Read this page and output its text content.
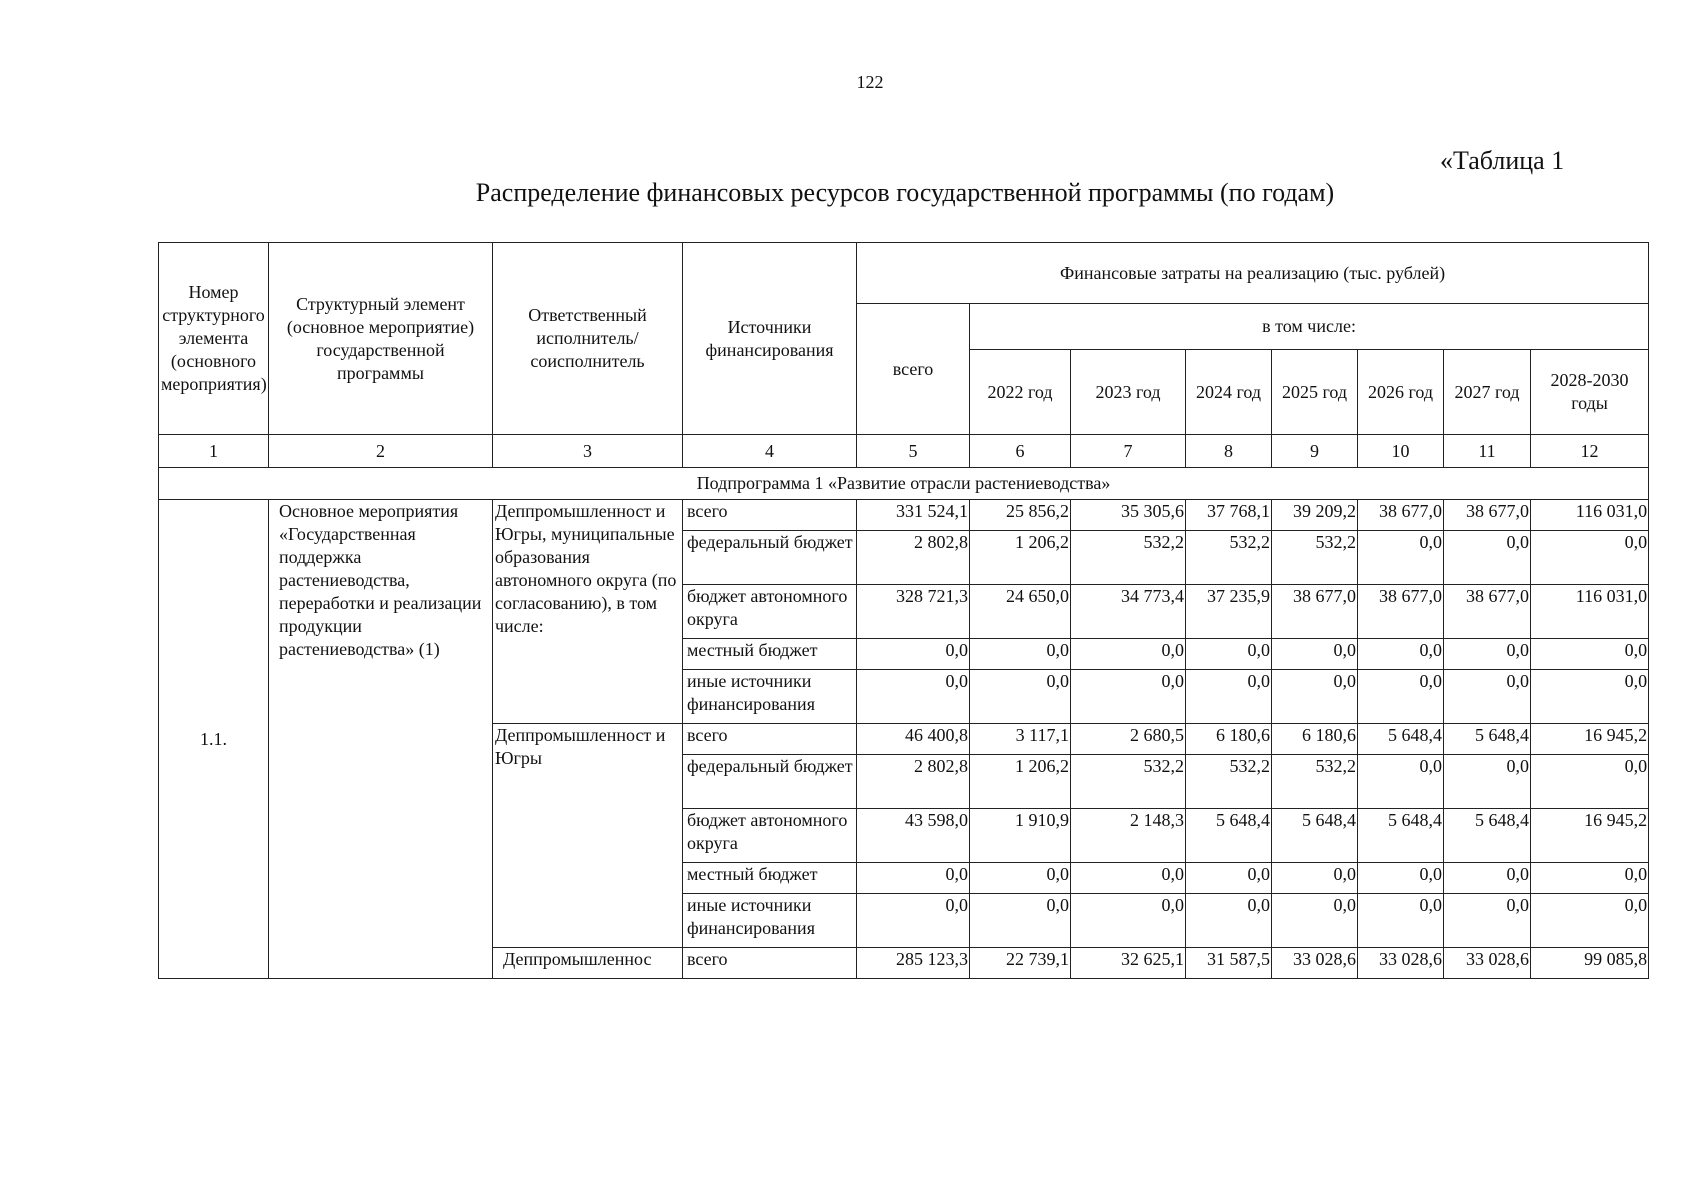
122
«Таблица 1
Распределение финансовых ресурсов государственной программы (по годам)
Номер структурного элемента (основного мероприятия)	Структурный элемент (основное мероприятие) государственной программы	Ответственный исполнитель/ соисполнитель	Источники финансирования	Финансовые затраты на реализацию (тыс. рублей)							
				всего	в том числе:						
					2022 год	2023 год	2024 год	2025 год	2026 год	2027 год	2028-2030 годы
1	2	3	4	5	6	7	8	9	10	11	12
Подпрограмма 1 «Развитие отрасли растениеводства»											
1.1.	Основное мероприятия «Государственная поддержка растениеводства, переработки и реализации продукции растениеводства» (1)	Деппромышленност и Югры, муниципальные образования автономного округа (по согласованию), в том числе:	всего	331 524,1	25 856,2	35 305,6	37 768,1	39 209,2	38 677,0	38 677,0	116 031,0
			федеральный бюджет	2 802,8	1 206,2	532,2	532,2	532,2	0,0	0,0	0,0
			бюджет автономного округа	328 721,3	24 650,0	34 773,4	37 235,9	38 677,0	38 677,0	38 677,0	116 031,0
			местный бюджет	0,0	0,0	0,0	0,0	0,0	0,0	0,0	0,0
			иные источники финансирования	0,0	0,0	0,0	0,0	0,0	0,0	0,0	0,0
		Деппромышленност и Югры	всего	46 400,8	3 117,1	2 680,5	6 180,6	6 180,6	5 648,4	5 648,4	16 945,2
			федеральный бюджет	2 802,8	1 206,2	532,2	532,2	532,2	0,0	0,0	0,0
			бюджет автономного округа	43 598,0	1 910,9	2 148,3	5 648,4	5 648,4	5 648,4	5 648,4	16 945,2
			местный бюджет	0,0	0,0	0,0	0,0	0,0	0,0	0,0	0,0
			иные источники финансирования	0,0	0,0	0,0	0,0	0,0	0,0	0,0	0,0
		Деппромышленнос	всего	285 123,3	22 739,1	32 625,1	31 587,5	33 028,6	33 028,6	33 028,6	99 085,8
